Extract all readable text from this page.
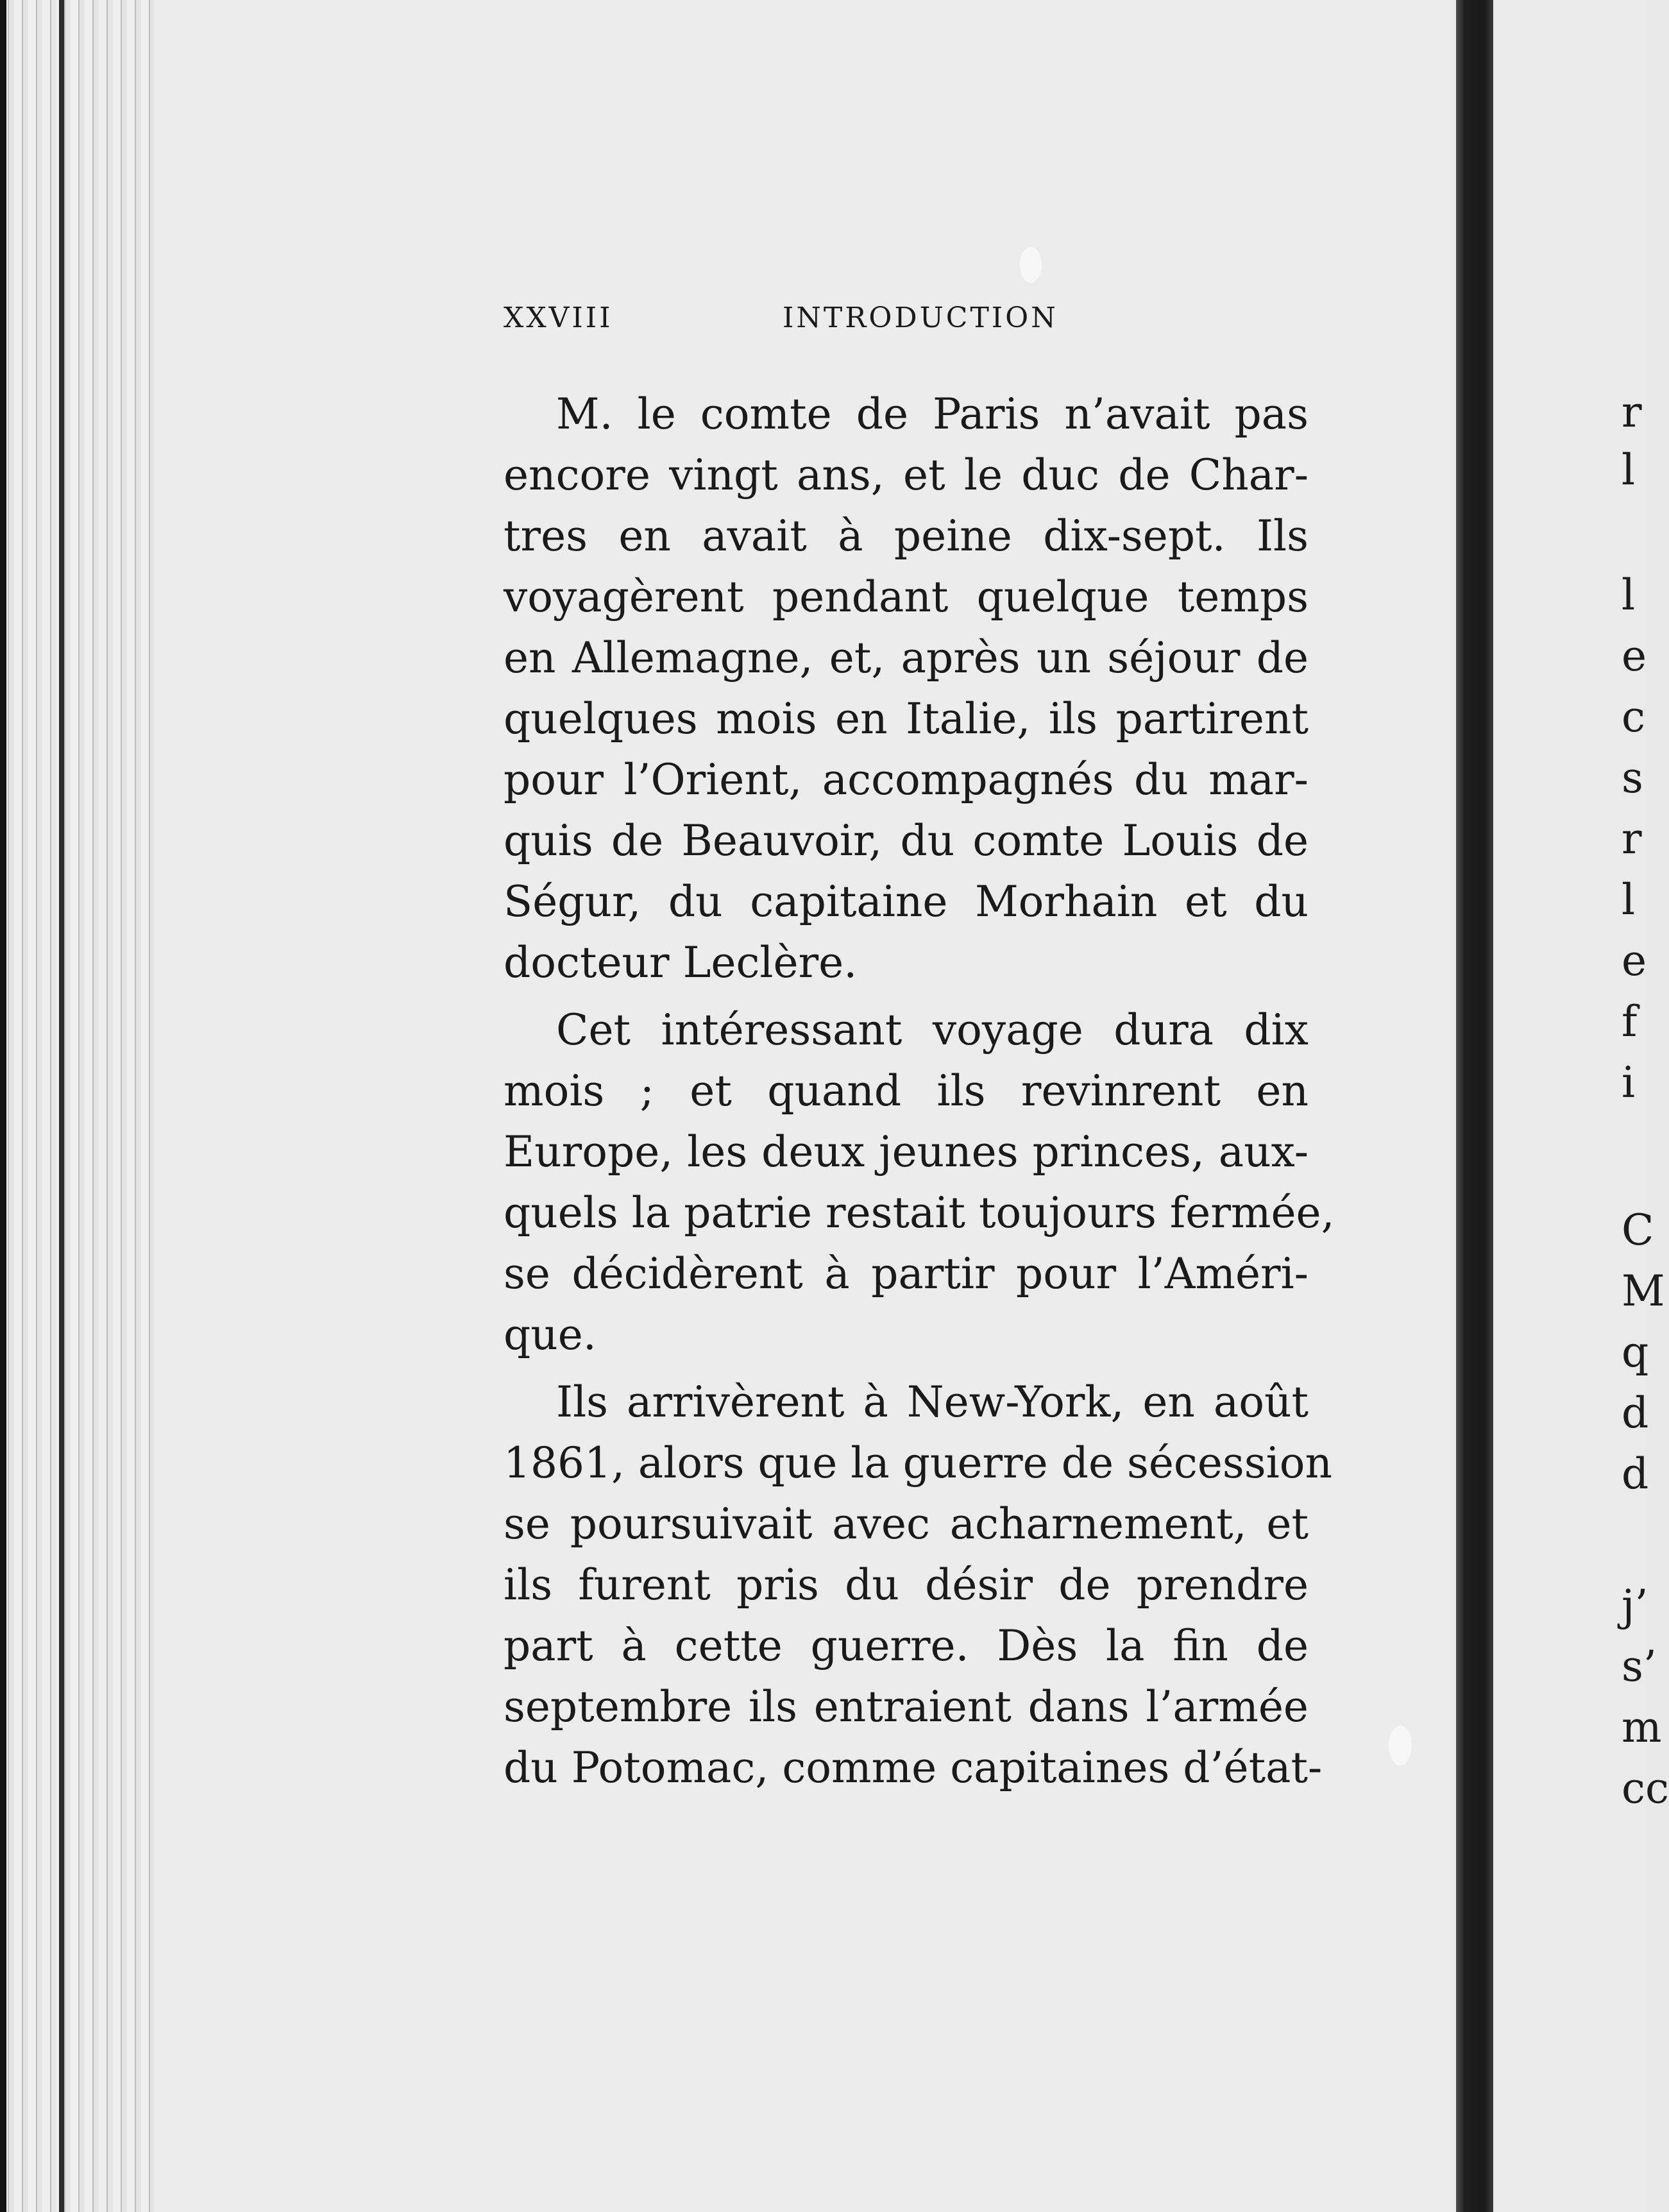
XXVIII	INTRODUCTION
M. le comte de Paris n’avait pas
encore vingt ans, et le duc de Char-
tres en avait à peine dix-sept. Ils
voyagèrent pendant quelque temps
en Allemagne, et, après un séjour de
quelques mois en Italie, ils partirent
pour l’Orient, accompagnés du mar-
quis de Beauvoir, du comte Louis de
Ségur, du capitaine Morhain et du
docteur Leclère.
Cet intéressant voyage dura dix
mois ; et quand ils revinrent en
Europe, les deux jeunes princes, aux-
quels la patrie restait toujours fermée,
se décidèrent à partir pour l’Améri-
que.
Ils arrivèrent à New-York, en août
1861, alors que la guerre de sécession
se poursuivait avec acharnement, et
ils furent pris du désir de prendre
part à cette guerre. Dès la fin de
septembre ils entraient dans l’armée
du Potomac, comme capitaines d’état-
r
l
l
e
c
s
r
l
e
f
i
C
M
q
d
d
j’
s’
m
cc
